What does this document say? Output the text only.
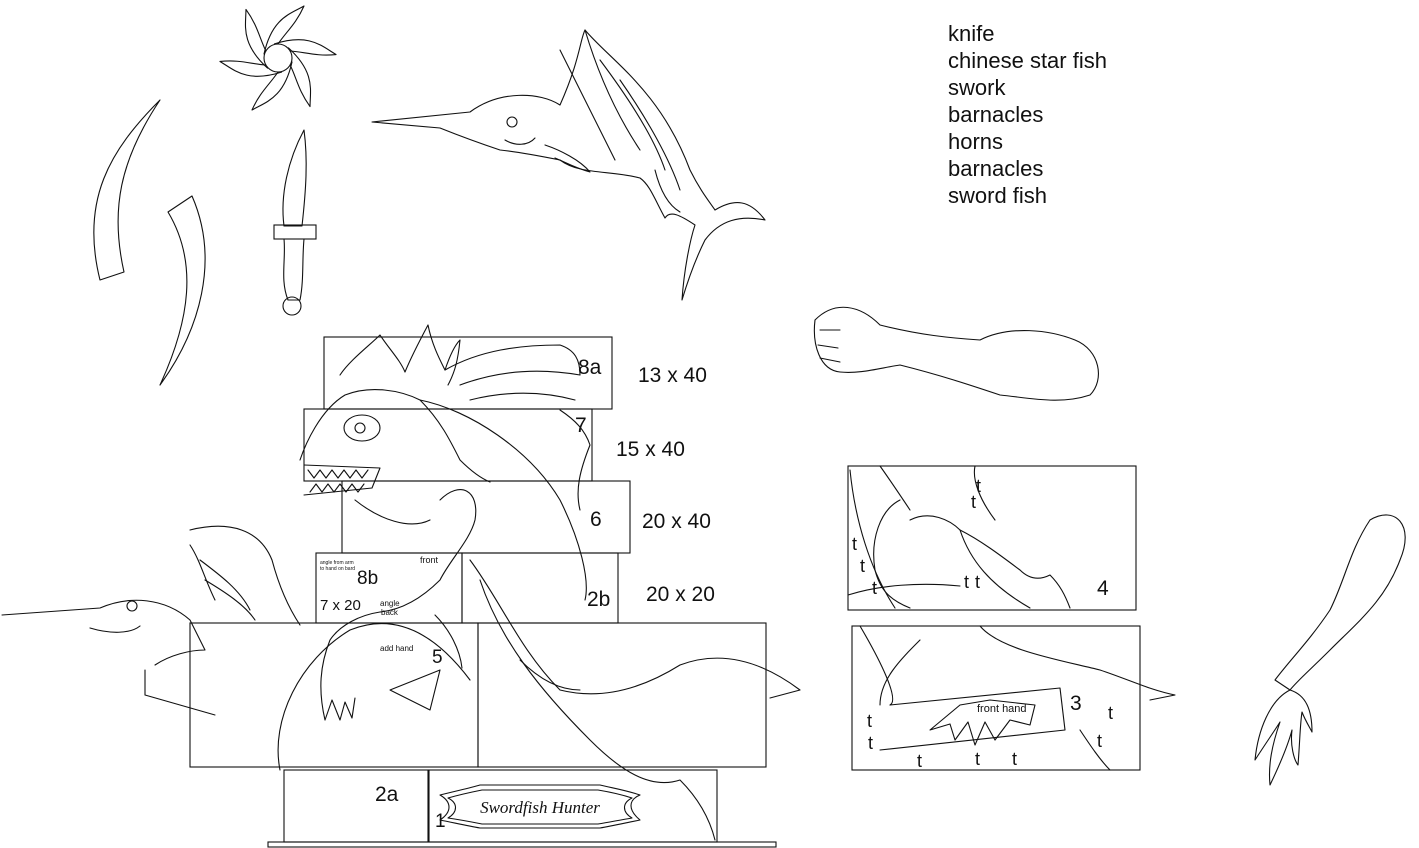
Swordfish Hunter
8a 13 x 40
7
15 x 40
6 20 x 40
2b 20 x 20
8b
7 x 20
angle from arm
to hand on bard
front
angle
back
add hand 5
2a
1
4
t
t
t
t
t	t t
front hand 3
t
t
t	t t
t
t
knife
chinese star fish
swork
barnacles
horns
barnacles
sword fish
